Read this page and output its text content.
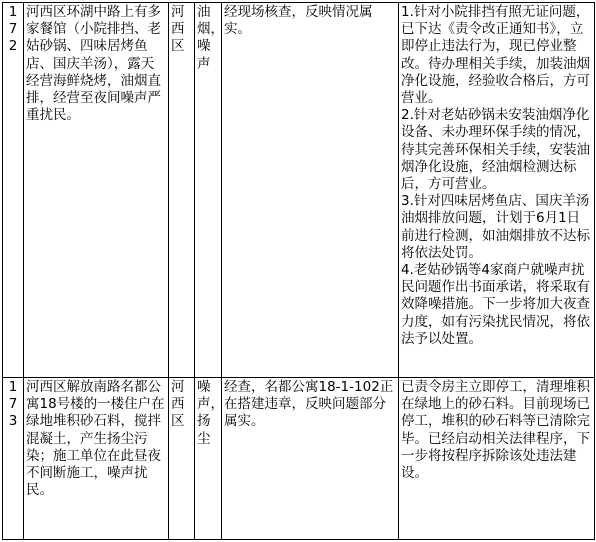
172	河西区环湖中路上有多家餐馆（小院排挡、老姑砂锅、四味居烤鱼店、国庆羊汤），露天经营海鲜烧烤，油烟直排，经营至夜间噪声严重扰民。	河西区	油烟，噪声	经现场核查，反映情况属实。	1.针对小院排挡有照无证问题，已下达《责令改正通知书》，立即停止违法行为，现已停业整改。待办理相关手续，加装油烟净化设施，经验收合格后，方可营业。
2.针对老姑砂锅未安装油烟净化设备、未办理环保手续的情况，待其完善环保相关手续，安装油烟净化设施，经油烟检测达标后，方可营业。
3.针对四味居烤鱼店、国庆羊汤油烟排放问题，计划于6月1日前进行检测，如油烟排放不达标将依法处罚。
4.老姑砂锅等4家商户就噪声扰民问题作出书面承诺，将采取有效降噪措施。下一步将加大夜查力度，如有污染扰民情况，将依法予以处置。

173	河西区解放南路名都公寓18号楼的一楼住户在绿地堆积砂石料，搅拌混凝土，产生扬尘污染；施工单位在此昼夜不间断施工，噪声扰民。	河西区	噪声，扬尘	经查，名都公寓18-1-102正在搭建违章，反映问题部分属实。	已责令房主立即停工，清理堆积在绿地上的砂石料。目前现场已停工，堆积的砂石料等已清除完毕。已经启动相关法律程序，下一步将按程序拆除该处违法建设。
